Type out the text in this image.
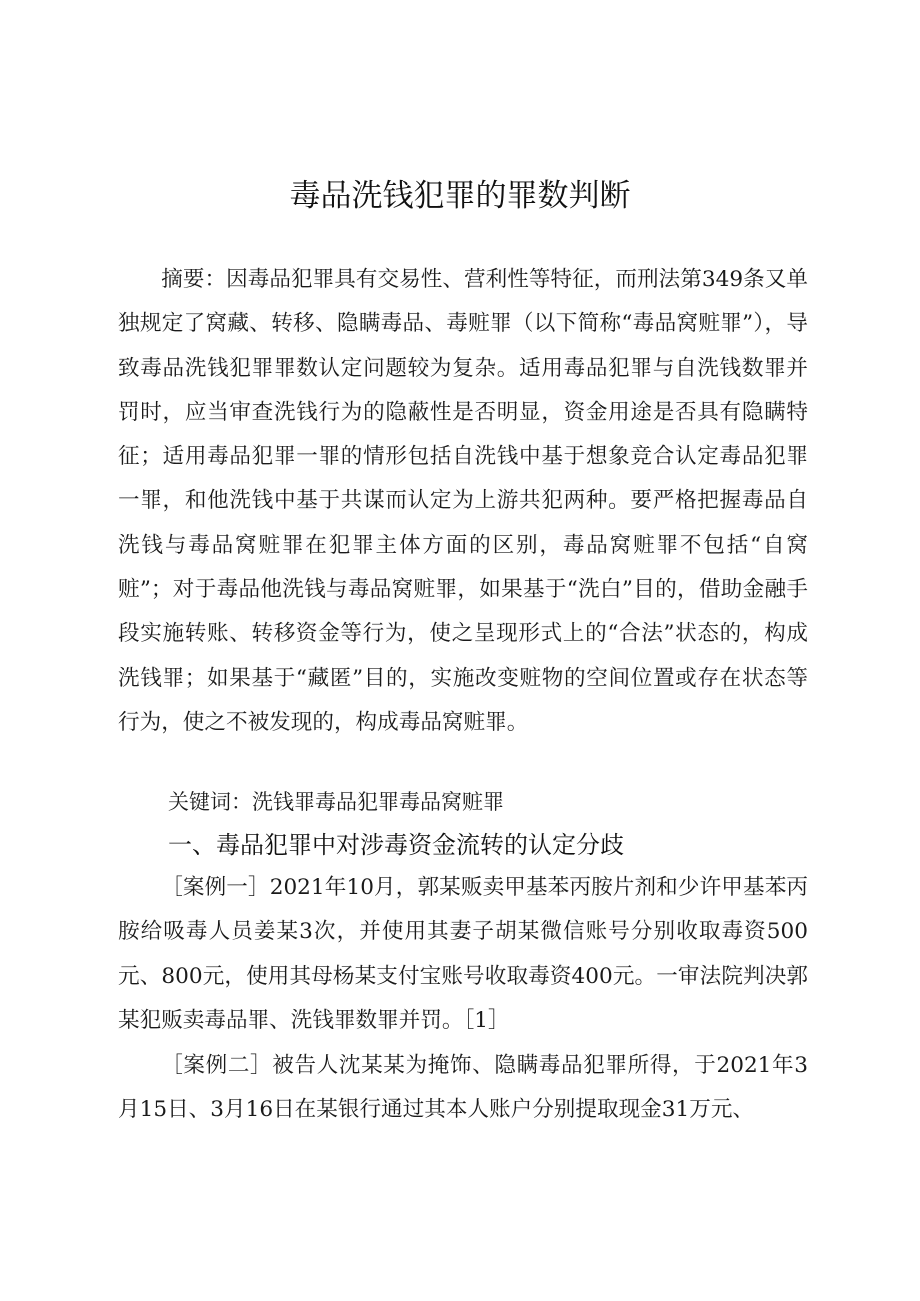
毒品洗钱犯罪的罪数判断

摘要：因毒品犯罪具有交易性、营利性等特征，而刑法第349条又单独规定了窝藏、转移、隐瞒毒品、毒赃罪（以下简称“毒品窝赃罪”），导致毒品洗钱犯罪罪数认定问题较为复杂。适用毒品犯罪与自洗钱数罪并罚时，应当审查洗钱行为的隐蔽性是否明显，资金用途是否具有隐瞒特征；适用毒品犯罪一罪的情形包括自洗钱中基于想象竞合认定毒品犯罪一罪，和他洗钱中基于共谋而认定为上游共犯两种。要严格把握毒品自洗钱与毒品窝赃罪在犯罪主体方面的区别，毒品窝赃罪不包括“自窝赃”；对于毒品他洗钱与毒品窝赃罪，如果基于“洗白”目的，借助金融手段实施转账、转移资金等行为，使之呈现形式上的“合法”状态的，构成洗钱罪；如果基于“藏匿”目的，实施改变赃物的空间位置或存在状态等行为，使之不被发现的，构成毒品窝赃罪。

关键词：洗钱罪毒品犯罪毒品窝赃罪

一、毒品犯罪中对涉毒资金流转的认定分歧

［案例一］2021年10月，郭某贩卖甲基苯丙胺片剂和少许甲基苯丙胺给吸毒人员姜某3次，并使用其妻子胡某微信账号分别收取毒资500元、800元，使用其母杨某支付宝账号收取毒资400元。一审法院判决郭某犯贩卖毒品罪、洗钱罪数罪并罚。［1］

［案例二］被告人沈某某为掩饰、隐瞒毒品犯罪所得，于2021年3月15日、3月16日在某银行通过其本人账户分别提取现金31万元、
